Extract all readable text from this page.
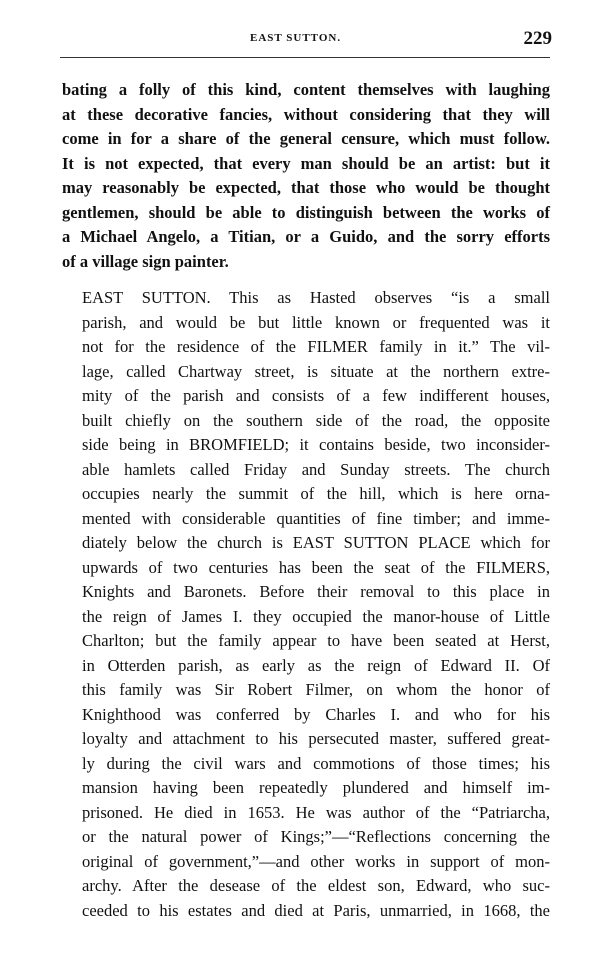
EAST SUTTON.	229
bating a folly of this kind, content themselves with laughing
at these decorative fancies, without considering that they will
come in for a share of the general censure, which must follow.
It is not expected, that every man should be an artist: but it
may reasonably be expected, that those who would be thought
gentlemen, should be able to distinguish between the works of
a Michael Angelo, a Titian, or a Guido, and the sorry efforts
of a village sign painter.
EAST SUTTON. This as Hasted observes “is a small
parish, and would be but little known or frequented was it
not for the residence of the FILMER family in it.” The vil-
lage, called Chartway street, is situate at the northern extre-
mity of the parish and consists of a few indifferent houses,
built chiefly on the southern side of the road, the opposite
side being in BROMFIELD; it contains beside, two inconsider-
able hamlets called Friday and Sunday streets. The church
occupies nearly the summit of the hill, which is here orna-
mented with considerable quantities of fine timber; and imme-
diately below the church is EAST SUTTON PLACE which for
upwards of two centuries has been the seat of the FILMERS,
Knights and Baronets. Before their removal to this place in
the reign of James I. they occupied the manor-house of Little
Charlton; but the family appear to have been seated at Herst,
in Otterden parish, as early as the reign of Edward II. Of
this family was Sir Robert Filmer, on whom the honor of
Knighthood was conferred by Charles I. and who for his
loyalty and attachment to his persecuted master, suffered great-
ly during the civil wars and commotions of those times; his
mansion having been repeatedly plundered and himself im-
prisoned. He died in 1653. He was author of the “Patriarcha,
or the natural power of Kings;”—“Reflections concerning the
original of government,”—and other works in support of mon-
archy. After the desease of the eldest son, Edward, who suc-
ceeded to his estates and died at Paris, unmarried, in 1668, the
